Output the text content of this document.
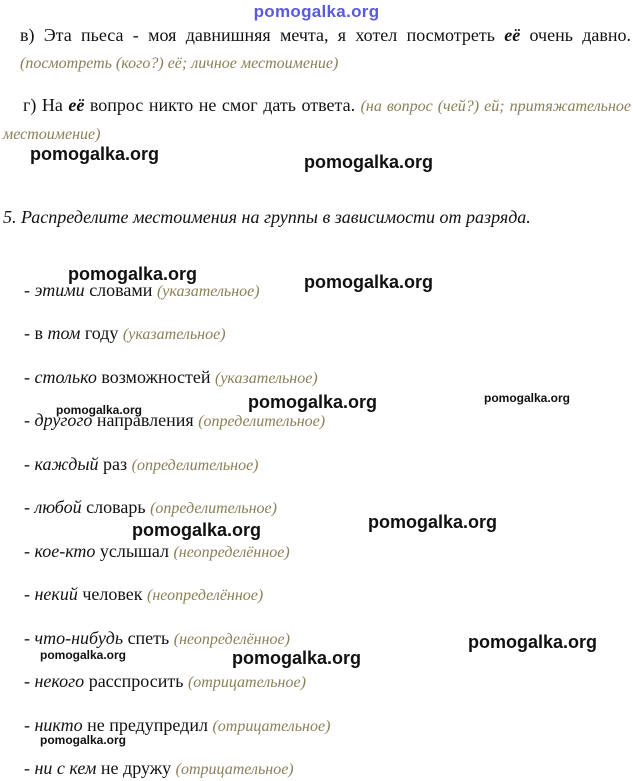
pomogalka.org
в) Эта пьеса - моя давнишняя мечта, я хотел посмотреть её очень давно. (посмотреть (кого?) её; личное местоимение)
г) На её вопрос никто не смог дать ответа. (на вопрос (чей?) ей; притяжательное местоимение)
5. Распределите местоимения на группы в зависимости от разряда.
- этими словами (указательное)
- в том году (указательное)
- столько возможностей (указательное)
- другого направления (определительное)
- каждый раз (определительное)
- любой словарь (определительное)
- кое-кто услышал (неопределённое)
- некий человек (неопределённое)
- что-нибудь спеть (неопределённое)
- некого расспросить (отрицательное)
- никто не предупредил (отрицательное)
- ни с кем не дружу (отрицательное)
pomogalka.org	pomogalka.org
pomogalka.org	pomogalka.org
pomogalka.org	pomogalka.org	pomogalka.org
pomogalka.org	pomogalka.org
pomogalka.org
pomogalka.org	pomogalka.org
pomogalka.org
